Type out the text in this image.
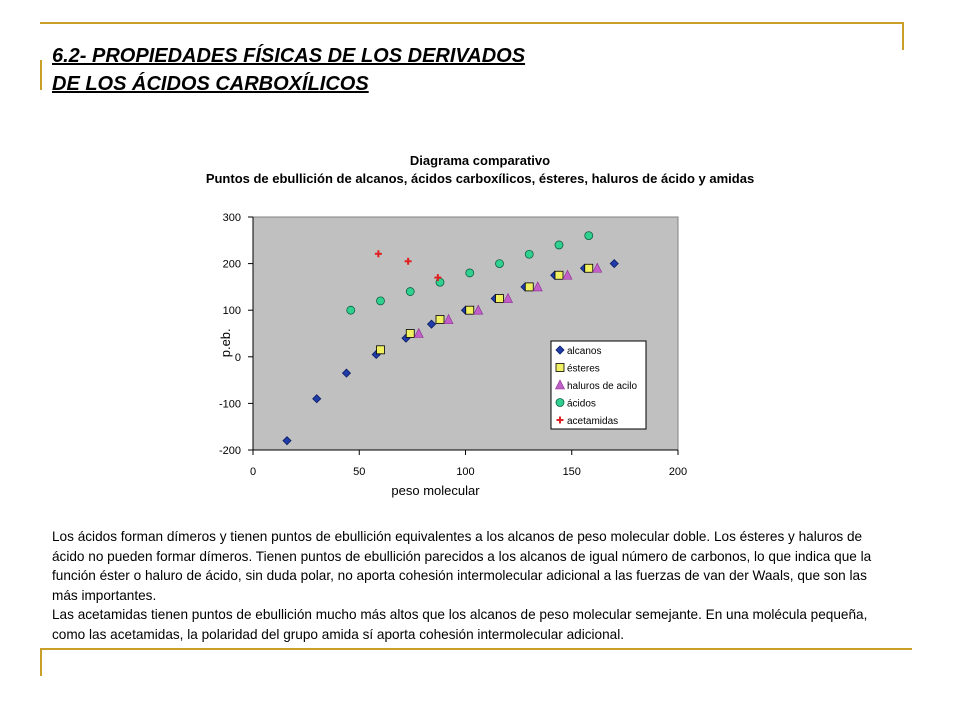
6.2- PROPIEDADES FÍSICAS DE LOS DERIVADOS
DE LOS ÁCIDOS CARBOXÍLICOS
Diagrama comparativo
Puntos de ebullición de alcanos, ácidos carboxílicos, ésteres, haluros de ácido y amidas
-200
-100
0
100
200
300
0	50	100	150	200
peso molecular
p.eb.	alcanos
ésteres
haluros de acilo
ácidos
acetamidas

Los ácidos forman dímeros y tienen puntos de ebullición equivalentes a los alcanos de peso molecular doble. Los ésteres y haluros de ácido no pueden formar dímeros. Tienen puntos de ebullición parecidos a los alcanos de igual número de carbonos, lo que indica que la función éster o haluro de ácido, sin duda polar, no aporta cohesión intermolecular adicional a las fuerzas de van der Waals, que son las más importantes.

Las acetamidas tienen puntos de ebullición mucho más altos que los alcanos de peso molecular semejante. En una molécula pequeña, como las acetamidas, la polaridad del grupo amida sí aporta cohesión intermolecular adicional.
